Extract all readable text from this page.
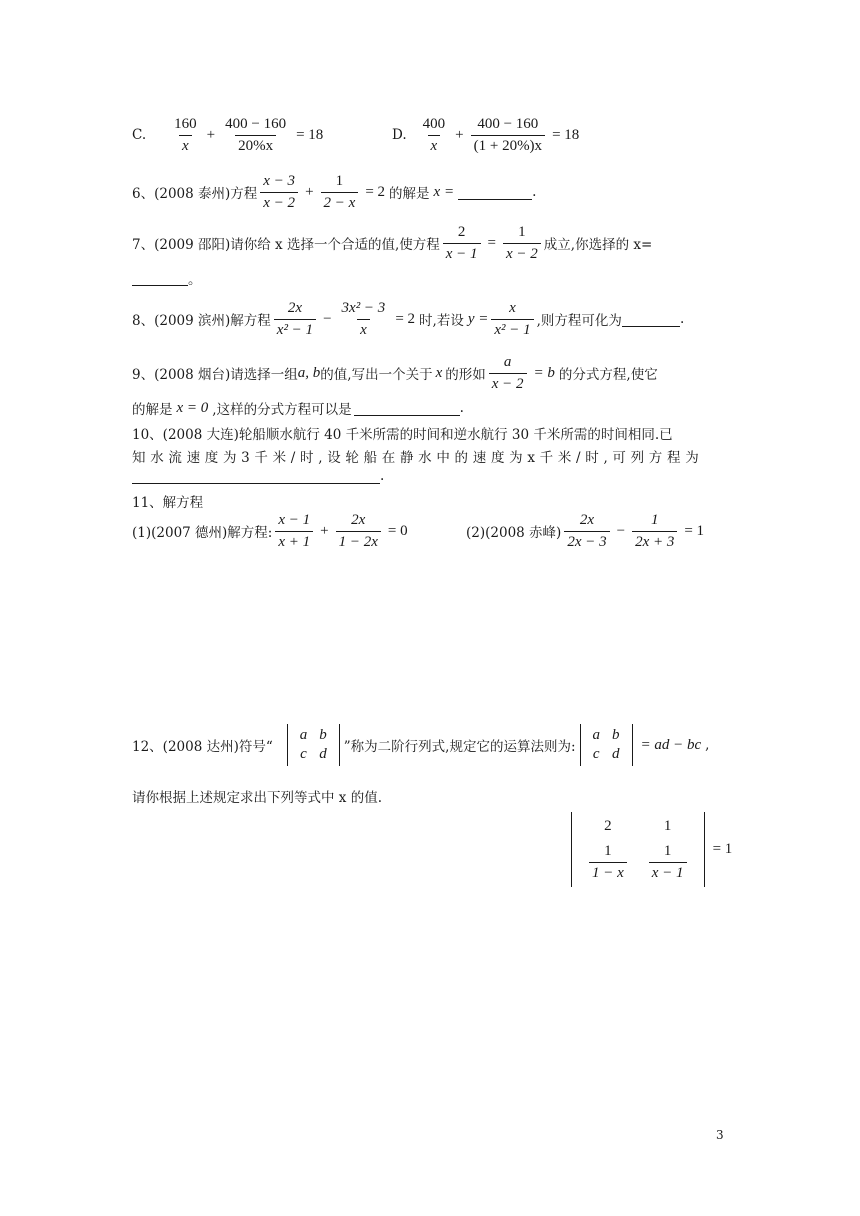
C. $\frac{160}{x} + \frac{400 - 160}{20\%x} = 18$	D. $\frac{400}{x} + \frac{400 - 160}{(1 + 20\%)x} = 18$
6、(2008 泰州)方程 $\frac{x - 3}{x - 2} + \frac{1}{2 - x} = 2$ 的解是 x =	.
7、(2009 邵阳)请你给 x 选择一个合适的值,使方程 $\frac{2}{x - 1} = \frac{1}{x - 2}$ 成立,你选择的 x=
。
8、(2009 滨州)解方程 $\frac{2x}{\text{x² − 1}} - \frac{\text{3x² − 3}}{x} = 2$ 时,若设 $y = \frac{x}{\text{x² − 1}}$ ,则方程可化为	.
9、(2008 烟台)请选择一组 a, b 的值,写出一个关于 x 的形如 $\frac{a}{x - 2} = b$ 的分式方程,使它
的解是 x = 0 ,这样的分式方程可以是	.
10、(2008 大连)轮船顺水航行 40 千米所需的时间和逆水航行 30 千米所需的时间相同.已
知 水 流 速 度 为 3 千 米 / 时 , 设 轮 船 在 静 水 中 的 速 度 为 x 千 米 / 时 , 可 列 方 程 为
.
11、解方程
(1)(2007 德州)解方程: $\frac{x - 1}{x + 1} + \frac{2x}{1 - 2x} = 0$	(2)(2008 赤峰) $\frac{2x}{2x - 3} - \frac{1}{2x + 3} = 1$
12、(2008 达州)符号“
a	b
c	d ”称为二阶行列式,规定它的运算法则为:
a	b
c	d
= ad − bc ,
请你根据上述规定求出下列等式中 x 的值.
2	1

$\frac{1}{1 - x}$	$\frac{1}{x - 1} = 1$
3
